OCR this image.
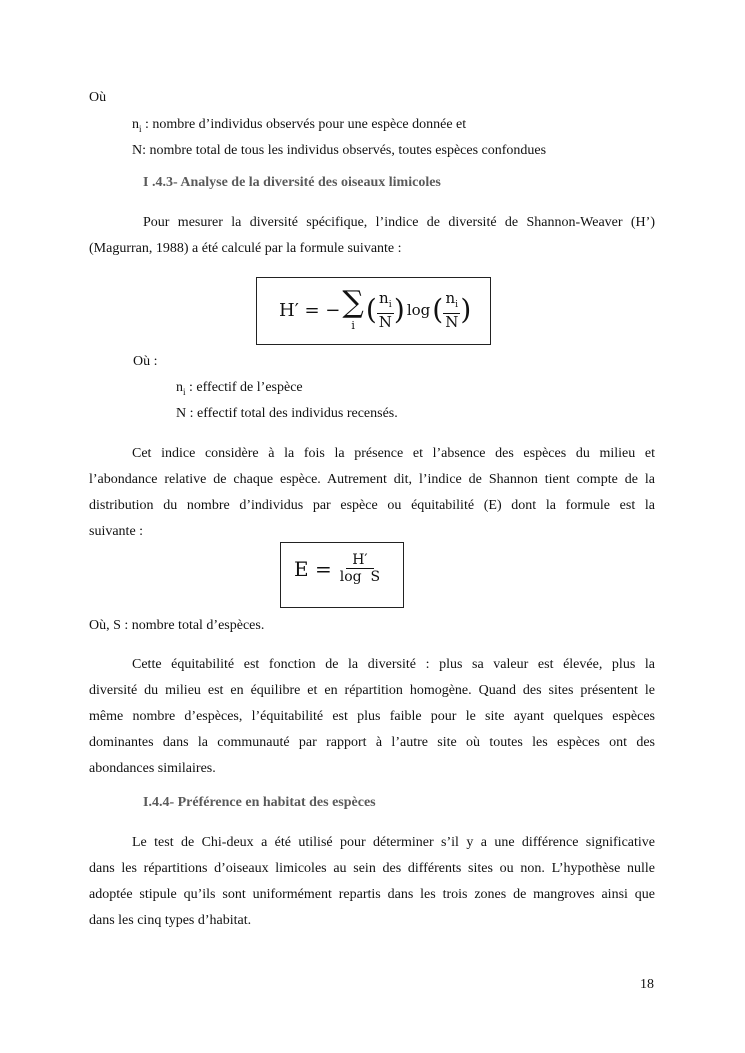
Où
$n_i$ : nombre d’individus observés pour une espèce donnée et
N: nombre total de tous les individus observés, toutes espèces confondues
I .4.3- Analyse de la diversité des oiseaux limicoles
Pour mesurer la diversité spécifique, l’indice de diversité de Shannon-Weaver (H’)
(Magurran, 1988) a été calculé par la formule suivante :
H′ = − ∑
i ( $\frac{n_i}{N}$ ) log ( $\frac{n_i}{N}$ )
Où :
$n_i$ : effectif de l’espèce
N : effectif total des individus recensés.
Cet indice considère à la fois la présence et l’absence des espèces du milieu et
l’abondance relative de chaque espèce. Autrement dit, l’indice de Shannon tient compte de la
distribution du nombre d’individus par espèce ou équitabilité (E) dont la formule est la
suivante :
$E = \frac{H'}{\text{log  S}}$
Où, S : nombre total d’espèces.
Cette équitabilité est fonction de la diversité : plus sa valeur est élevée, plus la
diversité du milieu est en équilibre et en répartition homogène. Quand des sites présentent le
même nombre d’espèces, l’équitabilité est plus faible pour le site ayant quelques espèces
dominantes dans la communauté par rapport à l’autre site où toutes les espèces ont des
abondances similaires.
I.4.4- Préférence en habitat des espèces
Le test de Chi-deux a été utilisé pour déterminer s’il y a une différence significative
dans les répartitions d’oiseaux limicoles au sein des différents sites ou non. L’hypothèse nulle
adoptée stipule qu’ils sont uniformément repartis dans les trois zones de mangroves ainsi que
dans les cinq types d’habitat.
18
